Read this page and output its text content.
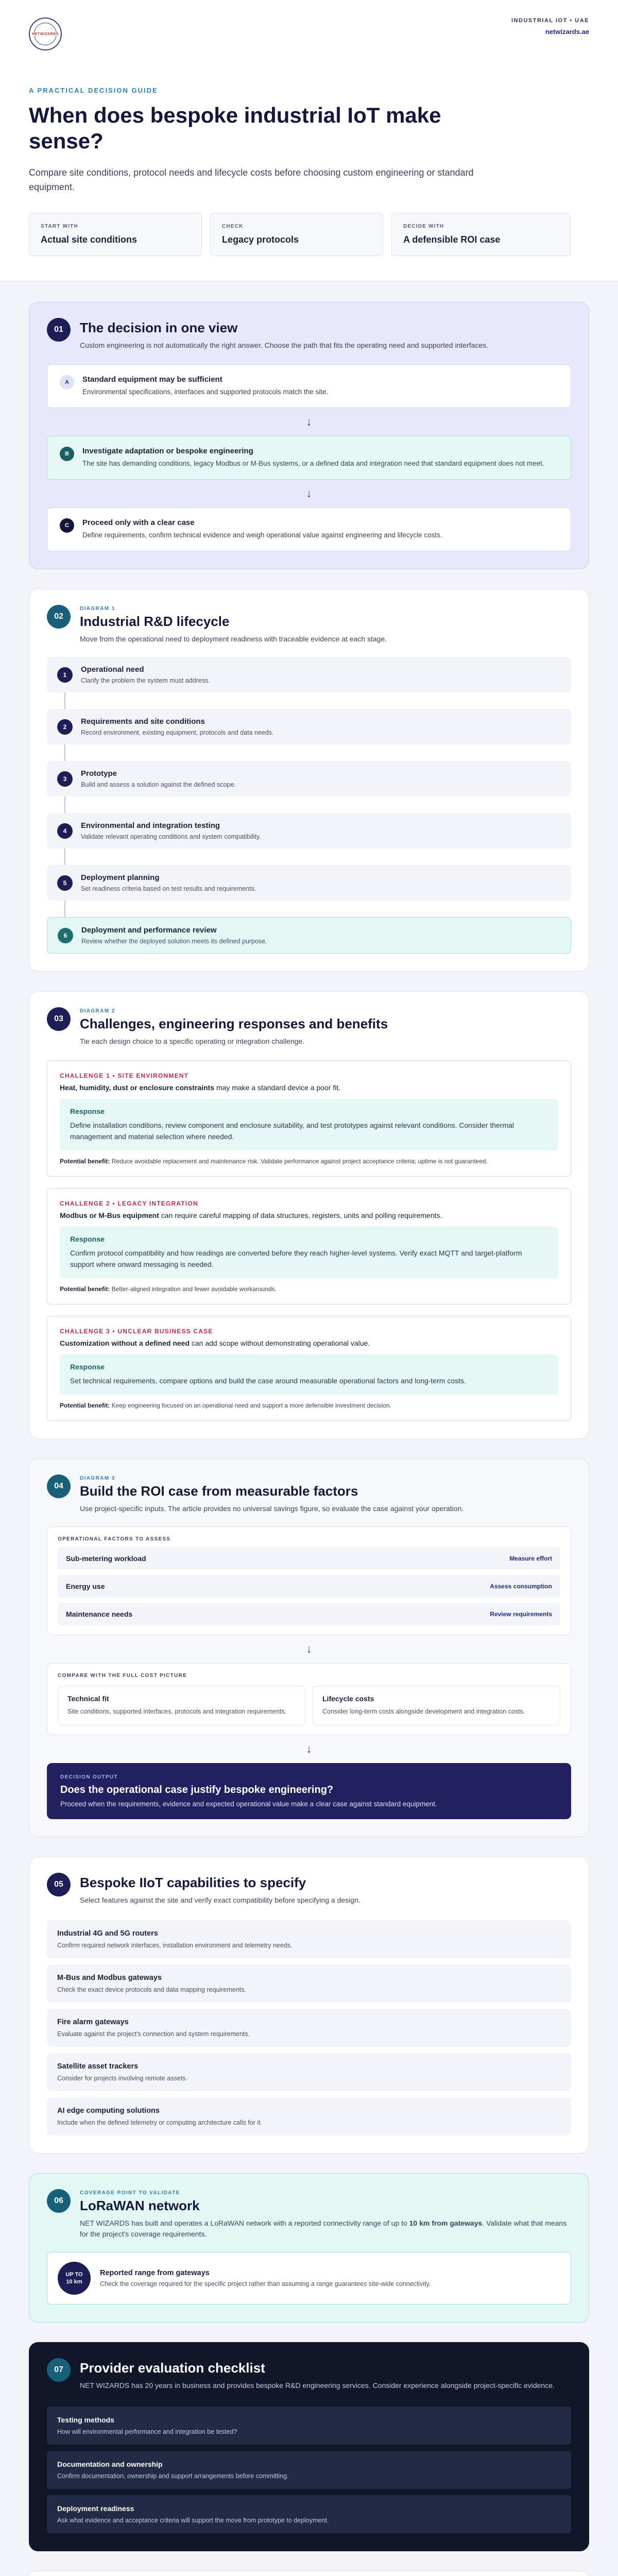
NETWIZARDS
INDUSTRIAL IOT • UAE
netwizards.ae
A PRACTICAL DECISION GUIDE
When does bespoke industrial IoT make sense?
Compare site conditions, protocol needs and lifecycle costs before choosing custom engineering or standard equipment.
START WITH
Actual site conditions
CHECK
Legacy protocols
DECIDE WITH
A defensible ROI case
01	The decision in one view
Custom engineering is not automatically the right answer. Choose the path that fits the operating need and supported interfaces.
A	Standard equipment may be sufficient
Environmental specifications, interfaces and supported protocols match the site.
↓
B	Investigate adaptation or bespoke engineering
The site has demanding conditions, legacy Modbus or M-Bus systems, or a defined data and integration need that standard equipment does not meet.
↓
C	Proceed only with a clear case
Define requirements, confirm technical evidence and weigh operational value against engineering and lifecycle costs.
02
DIAGRAM 1
Industrial R&D lifecycle
Move from the operational need to deployment readiness with traceable evidence at each stage.
1
Operational need
Clarify the problem the system must address.
2
Requirements and site conditions
Record environment, existing equipment, protocols and data needs.
3
Prototype
Build and assess a solution against the defined scope.
4
Environmental and integration testing
Validate relevant operating conditions and system compatibility.
5
Deployment planning
Set readiness criteria based on test results and requirements.
6
Deployment and performance review
Review whether the deployed solution meets its defined purpose.
03
DIAGRAM 2
Challenges, engineering responses and benefits
Tie each design choice to a specific operating or integration challenge.
CHALLENGE 1 • SITE ENVIRONMENT
Heat, humidity, dust or enclosure constraints may make a standard device a poor fit.
Response
Define installation conditions, review component and enclosure suitability, and test prototypes against relevant conditions. Consider thermal management and material selection where needed.
Potential benefit: Reduce avoidable replacement and maintenance risk. Validate performance against project acceptance criteria; uptime is not guaranteed.
CHALLENGE 2 • LEGACY INTEGRATION
Modbus or M-Bus equipment can require careful mapping of data structures, registers, units and polling requirements.
Response
Confirm protocol compatibility and how readings are converted before they reach higher-level systems. Verify exact MQTT and target-platform support where onward messaging is needed.
Potential benefit: Better-aligned integration and fewer avoidable workarounds.
CHALLENGE 3 • UNCLEAR BUSINESS CASE
Customization without a defined need can add scope without demonstrating operational value.
Response
Set technical requirements, compare options and build the case around measurable operational factors and long-term costs.
Potential benefit: Keep engineering focused on an operational need and support a more defensible investment decision.
04
DIAGRAM 3
Build the ROI case from measurable factors
Use project-specific inputs. The article provides no universal savings figure, so evaluate the case against your operation.
OPERATIONAL FACTORS TO ASSESS
Sub-metering workload	Measure effort
Energy use	Assess consumption
Maintenance needs	Review requirements
↓
COMPARE WITH THE FULL COST PICTURE
Technical fit
Site conditions, supported interfaces, protocols and integration requirements.
Lifecycle costs
Consider long-term costs alongside development and integration costs.
↓
DECISION OUTPUT
Does the operational case justify bespoke engineering?
Proceed when the requirements, evidence and expected operational value make a clear case against standard equipment.
05	Bespoke IIoT capabilities to specify
Select features against the site and verify exact compatibility before specifying a design.
Industrial 4G and 5G routers
Confirm required network interfaces, installation environment and telemetry needs.
M-Bus and Modbus gateways
Check the exact device protocols and data mapping requirements.
Fire alarm gateways
Evaluate against the project's connection and system requirements.
Satellite asset trackers
Consider for projects involving remote assets.
AI edge computing solutions
Include when the defined telemetry or computing architecture calls for it.
06
COVERAGE POINT TO VALIDATE
LoRaWAN network
NET WIZARDS has built and operates a LoRaWAN network with a reported connectivity range of up to 10 km from gateways. Validate what that means for the project's coverage requirements.
UP TO
10 km
Reported range from gateways
Check the coverage required for the specific project rather than assuming a range guarantees site-wide connectivity.
07	Provider evaluation checklist
NET WIZARDS has 20 years in business and provides bespoke R&D engineering services. Consider experience alongside project-specific evidence.
Testing methods
How will environmental performance and integration be tested?
Documentation and ownership
Confirm documentation, ownership and support arrangements before committing.
Deployment readiness
Ask what evidence and acceptance criteria will support the move from prototype to deployment.
